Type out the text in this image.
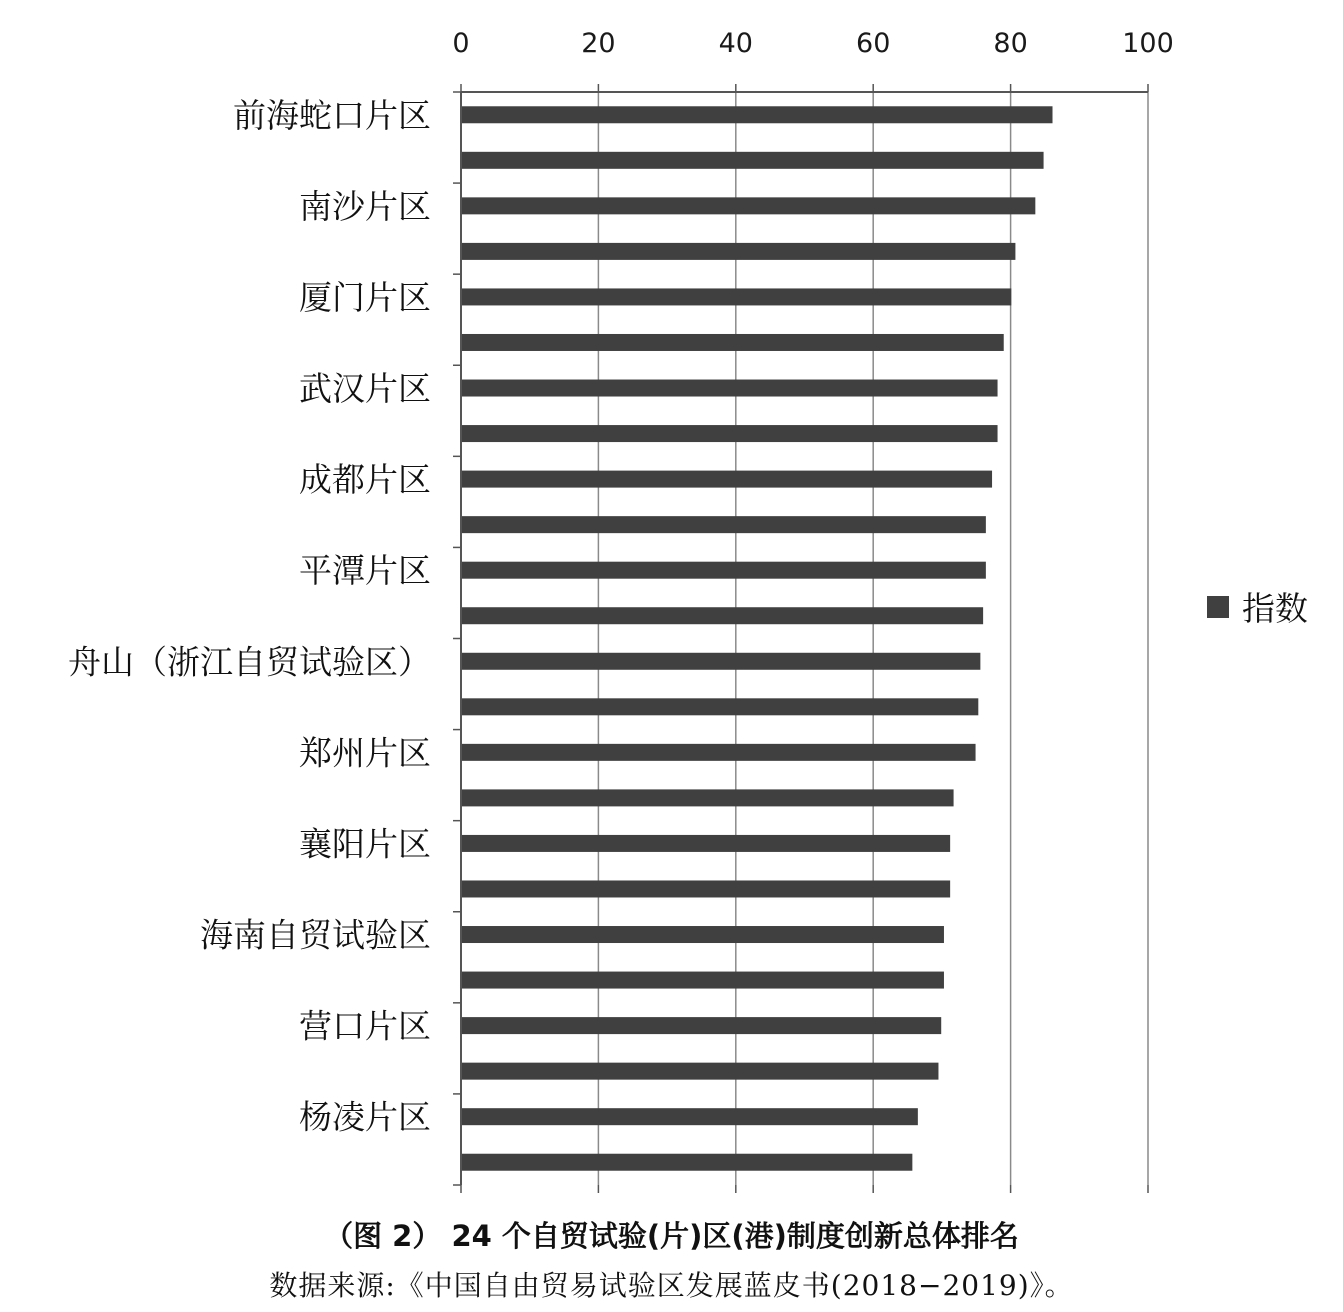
0	20	40	60	80	100
前海蛇口片区
南沙片区
厦门片区
武汉片区
成都片区
平潭片区
舟山（浙江自贸试验区）
郑州片区
襄阳片区
海南自贸试验区
营口片区
杨凌片区
指数
（图 2） 24 个自贸试验(片)区(港)制度创新总体排名
数据来源:《中国自由贸易试验区发展蓝皮书(2018−2019)》。
